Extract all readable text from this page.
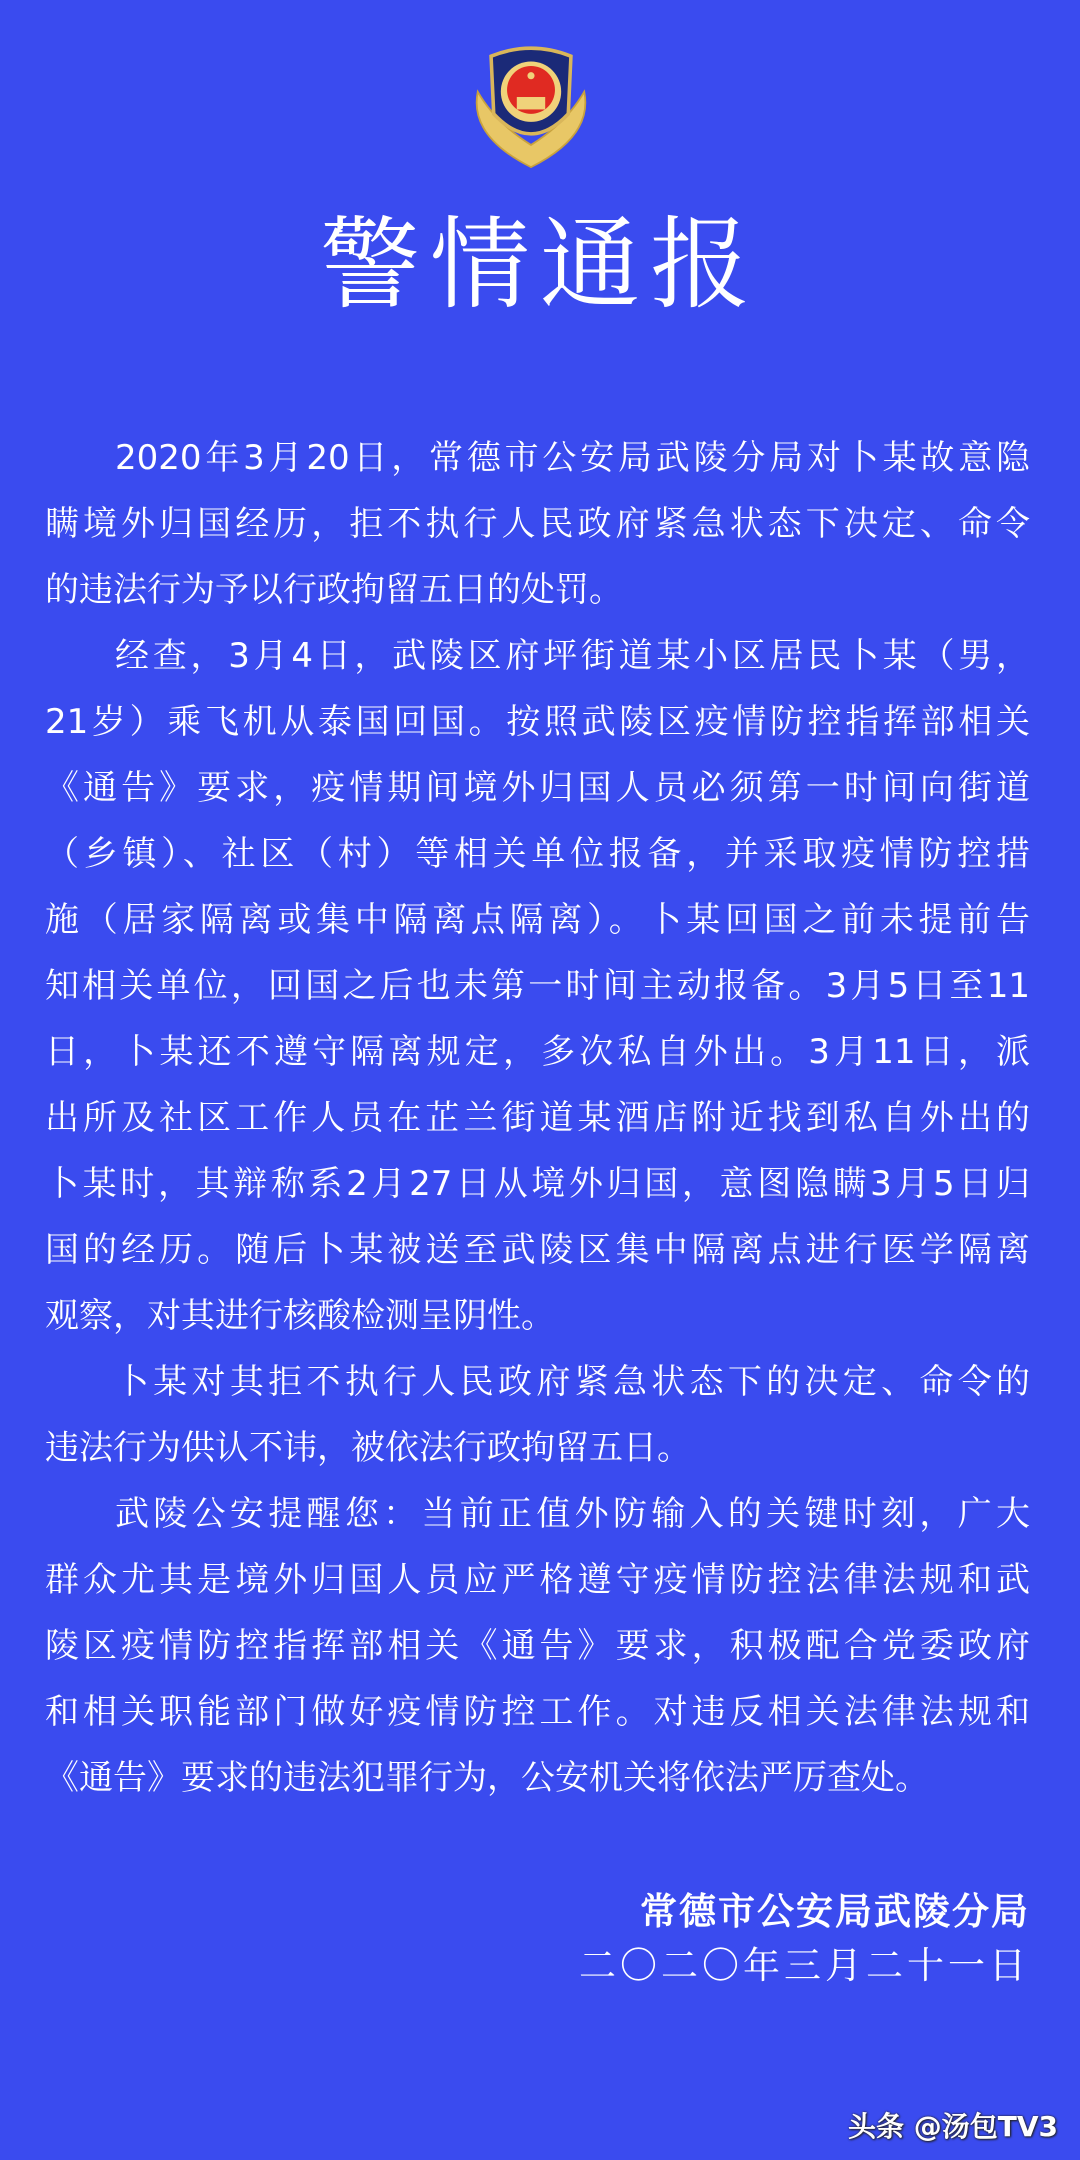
警情通报
2020年3月20日，常德市公安局武陵分局对卜某故意隐
瞒境外归国经历，拒不执行人民政府紧急状态下决定、命令
的违法行为予以行政拘留五日的处罚。
经查，3月4日，武陵区府坪街道某小区居民卜某（男，
21岁）乘飞机从泰国回国。按照武陵区疫情防控指挥部相关
《通告》要求，疫情期间境外归国人员必须第一时间向街道
（乡镇）、社区（村）等相关单位报备，并采取疫情防控措
施（居家隔离或集中隔离点隔离）。卜某回国之前未提前告
知相关单位，回国之后也未第一时间主动报备。3月5日至11
日，卜某还不遵守隔离规定，多次私自外出。3月11日，派
出所及社区工作人员在芷兰街道某酒店附近找到私自外出的
卜某时，其辩称系2月27日从境外归国，意图隐瞒3月5日归
国的经历。随后卜某被送至武陵区集中隔离点进行医学隔离
观察，对其进行核酸检测呈阴性。
卜某对其拒不执行人民政府紧急状态下的决定、命令的
违法行为供认不讳，被依法行政拘留五日。
武陵公安提醒您：当前正值外防输入的关键时刻，广大
群众尤其是境外归国人员应严格遵守疫情防控法律法规和武
陵区疫情防控指挥部相关《通告》要求，积极配合党委政府
和相关职能部门做好疫情防控工作。对违反相关法律法规和
《通告》要求的违法犯罪行为，公安机关将依法严厉查处。
常德市公安局武陵分局
二〇二〇年三月二十一日
头条 @汤包TV3
